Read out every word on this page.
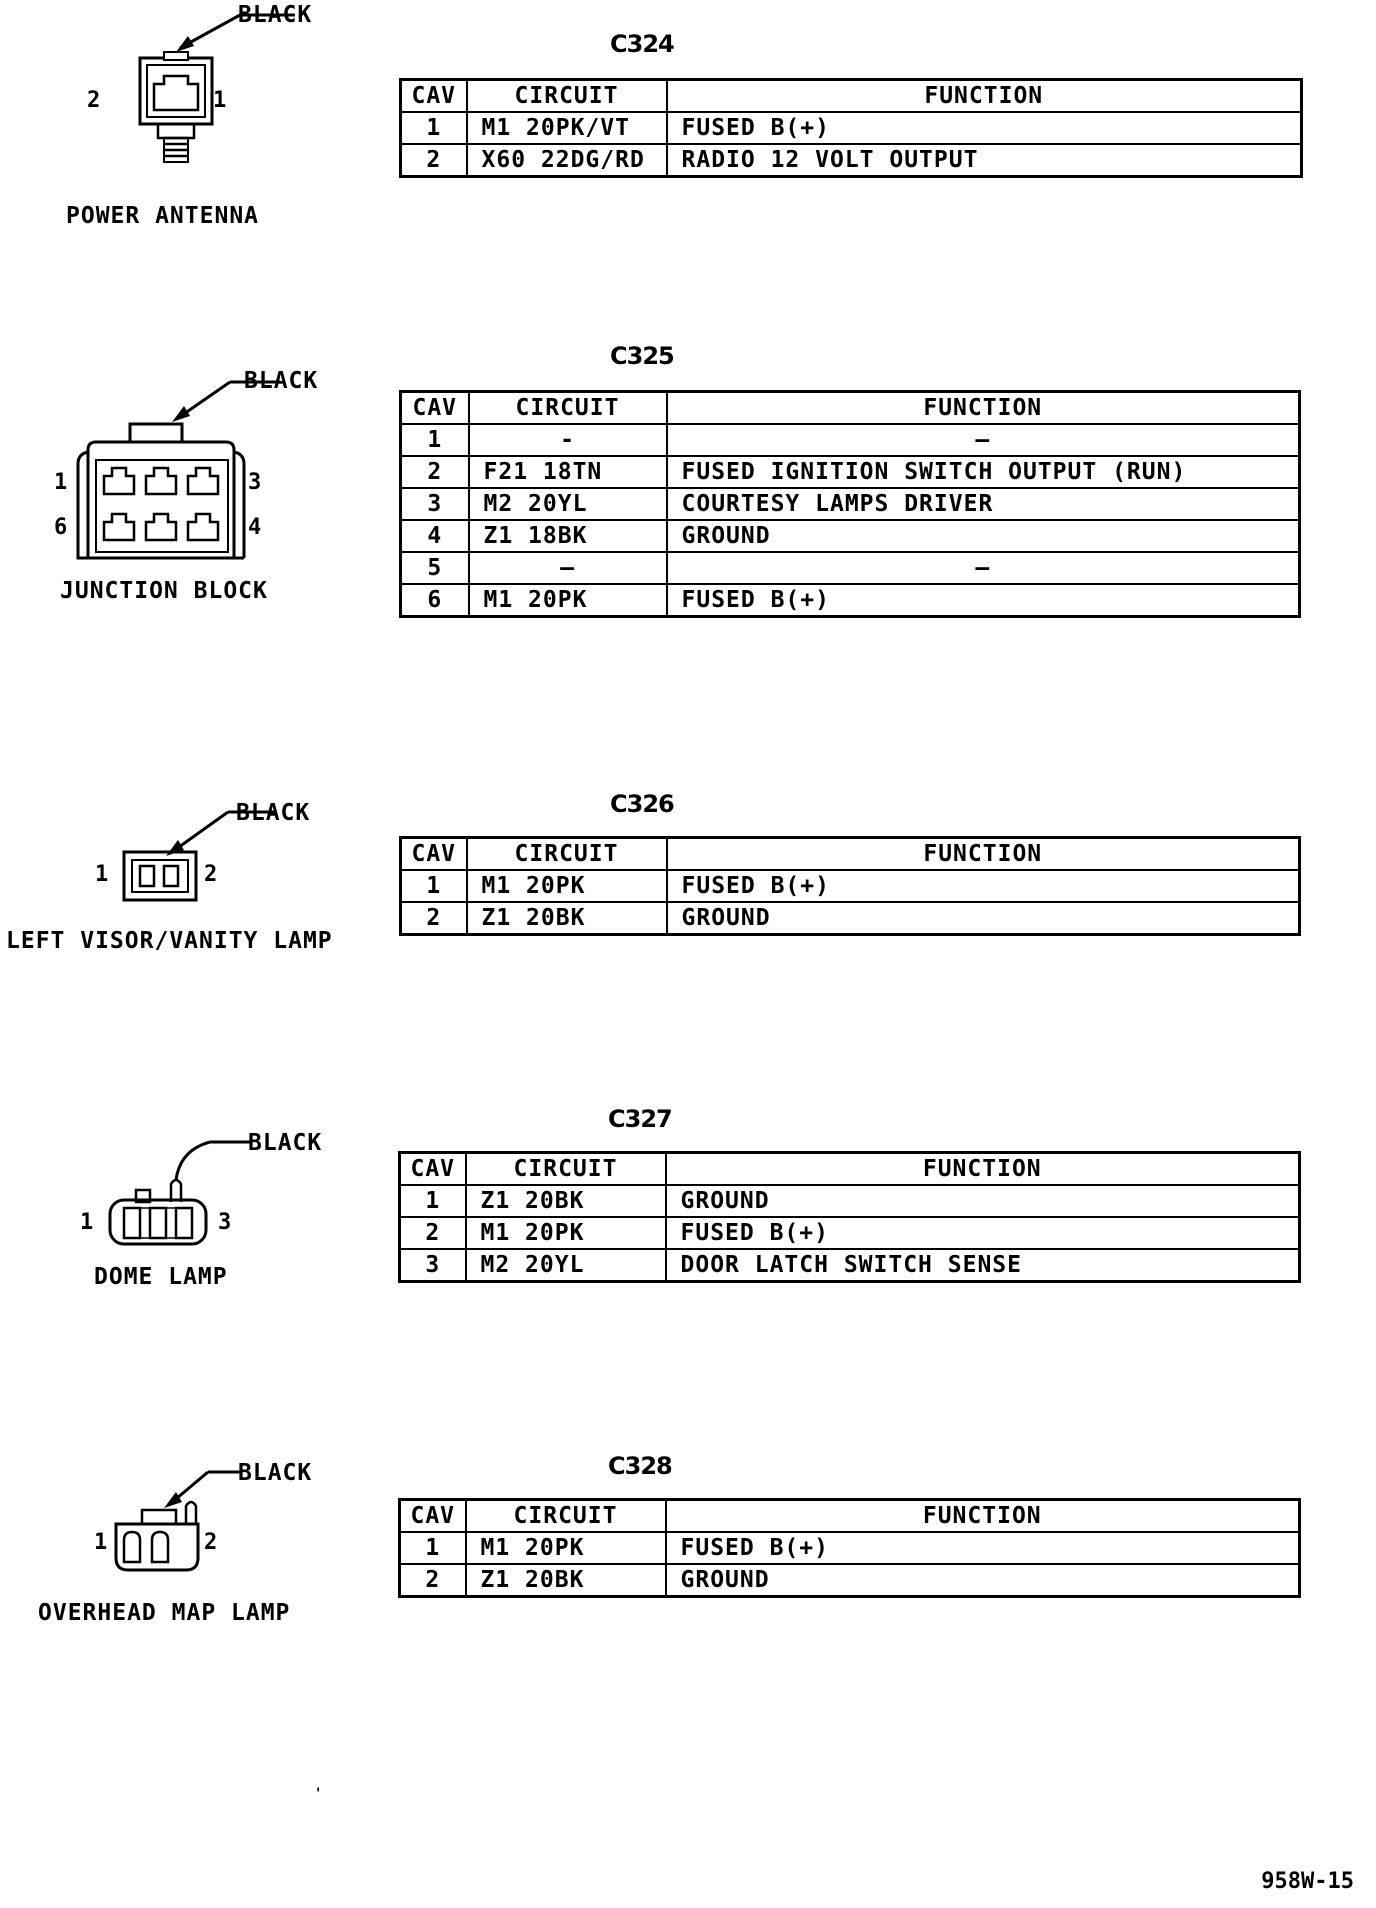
BLACK
2	1
POWER ANTENNA
C324
CAV	CIRCUIT	FUNCTION
1	M1 20PK/VT	FUSED B(+)
2	X60 22DG/RD	RADIO 12 VOLT OUTPUT
BLACK
1	3
6	4
JUNCTION BLOCK
C325
CAV	CIRCUIT	FUNCTION
1	-	–
2	F21 18TN	FUSED IGNITION SWITCH OUTPUT (RUN)
3	M2 20YL	COURTESY LAMPS DRIVER
4	Z1 18BK	GROUND
5	–	–
6	M1 20PK	FUSED B(+)
BLACK
1	2
LEFT VISOR/VANITY LAMP
C326
CAV	CIRCUIT	FUNCTION
1	M1 20PK	FUSED B(+)
2	Z1 20BK	GROUND
BLACK
1	3
DOME LAMP
C327
CAV	CIRCUIT	FUNCTION
1	Z1 20BK	GROUND
2	M1 20PK	FUSED B(+)
3	M2 20YL	DOOR LATCH SWITCH SENSE
BLACK
1	2
OVERHEAD MAP LAMP
C328
CAV	CIRCUIT	FUNCTION
1	M1 20PK	FUSED B(+)
2	Z1 20BK	GROUND
'
958W-15
